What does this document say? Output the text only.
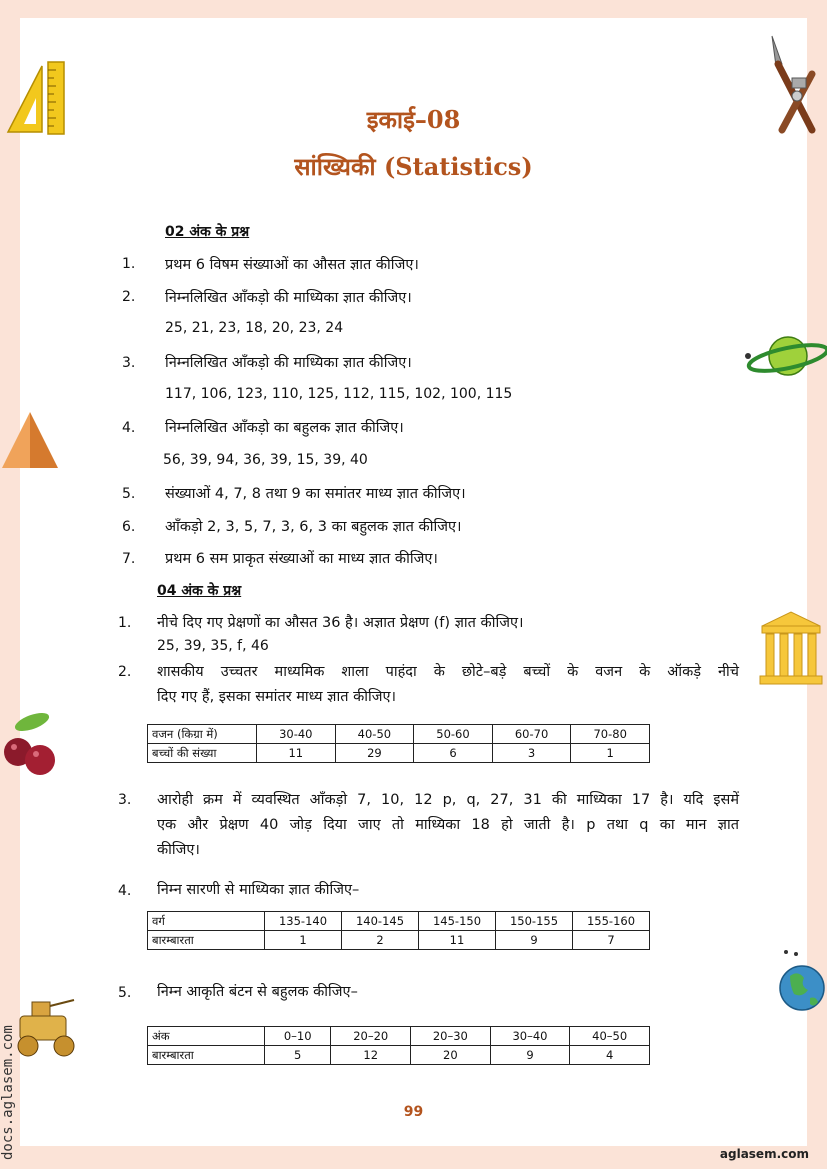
इकाई–08
सांख्यिकी (Statistics)
02 अंक के प्रश्न
1. प्रथम 6 विषम संख्याओं का औसत ज्ञात कीजिए।
2. निम्नलिखित आँकड़ो की माध्यिका ज्ञात कीजिए।
25, 21, 23, 18, 20, 23, 24
3. निम्नलिखित आँकड़ो की माध्यिका ज्ञात कीजिए।
117, 106, 123, 110, 125, 112, 115, 102, 100, 115
4. निम्नलिखित आँकड़ो का बहुलक ज्ञात कीजिए।
56, 39, 94, 36, 39, 15, 39, 40
5. संख्याओं 4, 7, 8 तथा 9 का समांतर माध्य ज्ञात कीजिए।
6. आँकड़ो 2, 3, 5, 7, 3, 6, 3 का बहुलक ज्ञात कीजिए।
7. प्रथम 6 सम प्राकृत संख्याओं का माध्य ज्ञात कीजिए।
04 अंक के प्रश्न
1. नीचे दिए गए प्रेक्षणों का औसत 36 है। अज्ञात प्रेक्षण (f) ज्ञात कीजिए।
25, 39, 35, f, 46
2. शासकीय उच्चतर माध्यमिक शाला पाहंदा के छोटे–बड़े बच्चों के वजन के ऑकड़े नीचे
दिए गए हैं, इसका समांतर माध्य ज्ञात कीजिए।
वजन (किग्रा में)	30-40	40-50	50-60	60-70	70-80
बच्चों की संख्या	11	29	6	3	1
3. आरोही क्रम में व्यवस्थित आँकड़ो 7, 10, 12 p, q, 27, 31 की माध्यिका 17 है। यदि इसमें
एक और प्रेक्षण 40 जोड़ दिया जाए तो माध्यिका 18 हो जाती है। p तथा q का मान ज्ञात
कीजिए।
4. निम्न सारणी से माध्यिका ज्ञात कीजिए–
वर्ग	135-140	140-145	145-150	150-155	155-160
बारम्बारता	1	2	11	9	7
5. निम्न आकृति बंटन से बहुलक कीजिए–
अंक	0–10	20–20	20–30	30–40	40–50
बारम्बारता	5	12	20	9	4
99
aglasem.com
docs.aglasem.com
